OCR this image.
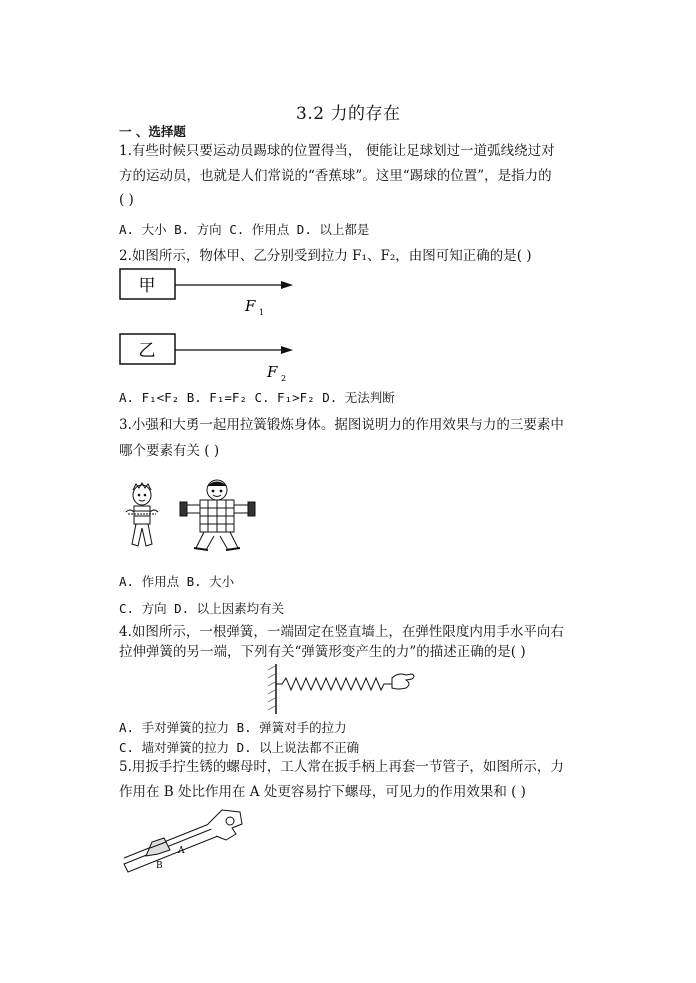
3.2 力的存在
一 、选择题
1.有些时候只要运动员踢球的位置得当， 便能让足球划过一道弧线绕过对
方的运动员，也就是人们常说的“香蕉球”。这里“踢球的位置”，是指力的
( )
A. 大小 B. 方向 C. 作用点 D. 以上都是
2.如图所示，物体甲、乙分别受到拉力 F₁、F₂，由图可知正确的是( )
甲
F 1
乙
F 2
A. F₁<F₂ B. F₁=F₂ C. F₁>F₂ D. 无法判断
3.小强和大勇一起用拉簧锻炼身体。据图说明力的作用效果与力的三要素中
哪个要素有关 ( )
A. 作用点 B. 大小
C. 方向 D. 以上因素均有关
4.如图所示，一根弹簧，一端固定在竖直墙上，在弹性限度内用手水平向右
拉伸弹簧的另一端，下列有关“弹簧形变产生的力”的描述正确的是( )
A. 手对弹簧的拉力 B. 弹簧对手的拉力
C. 墙对弹簧的拉力 D. 以上说法都不正确
5.用扳手拧生锈的螺母时，工人常在扳手柄上再套一节管子，如图所示，力
作用在 B 处比作用在 A 处更容易拧下螺母，可见力的作用效果和 ( )
A
B
